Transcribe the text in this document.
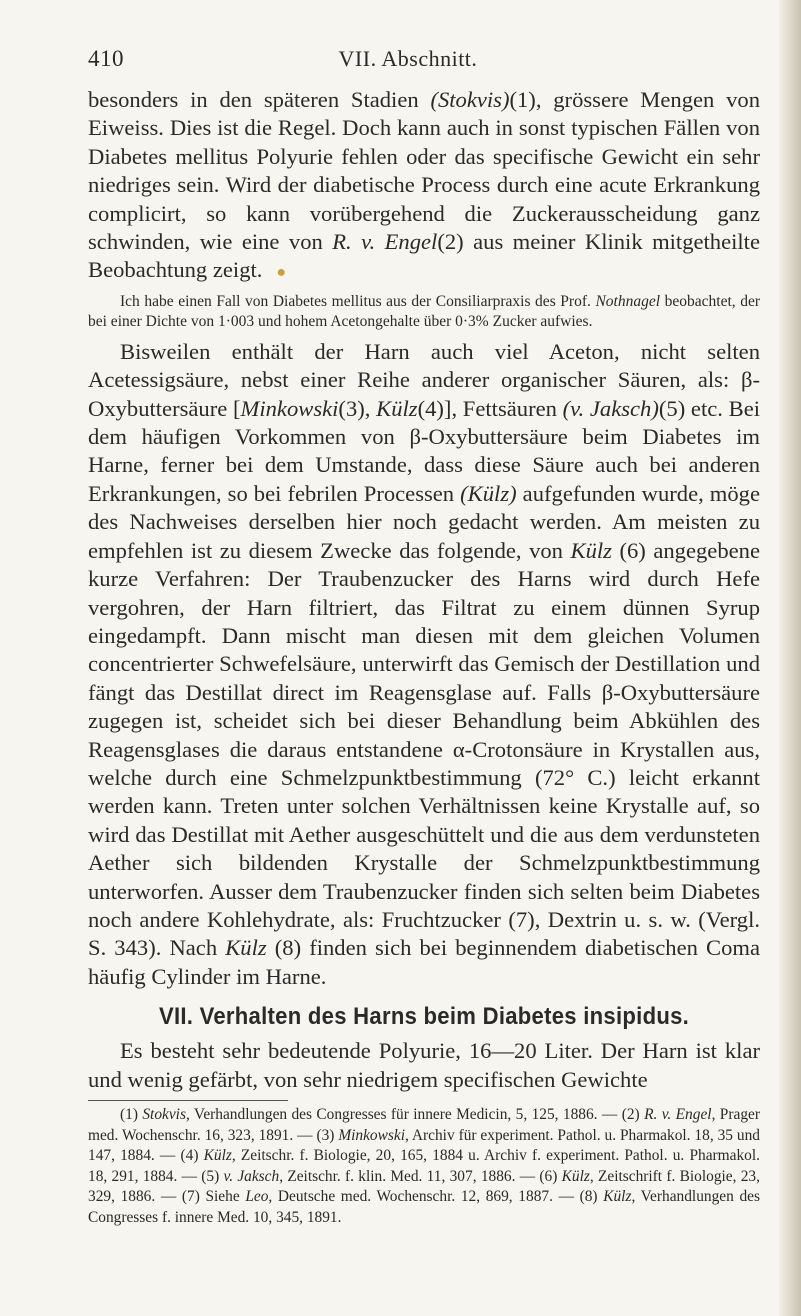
410	VII. Abschnitt.

besonders in den späteren Stadien (Stokvis)(1), grössere Mengen von Eiweiss. Dies ist die Regel. Doch kann auch in sonst typischen Fällen von Diabetes mellitus Polyurie fehlen oder das specifische Gewicht ein sehr niedriges sein. Wird der diabetische Process durch eine acute Erkrankung complicirt, so kann vorübergehend die Zuckerausscheidung ganz schwinden, wie eine von R. v. Engel(2) aus meiner Klinik mitgetheilte Beobachtung zeigt. ●

Ich habe einen Fall von Diabetes mellitus aus der Consiliarpraxis des Prof. Nothnagel beobachtet, der bei einer Dichte von 1·003 und hohem Acetongehalte über 0·3% Zucker aufwies.

Bisweilen enthält der Harn auch viel Aceton, nicht selten Acetessigsäure, nebst einer Reihe anderer organischer Säuren, als: β-Oxybuttersäure [Minkowski(3), Külz(4)], Fettsäuren (v. Jaksch)(5) etc. Bei dem häufigen Vorkommen von β-Oxybuttersäure beim Diabetes im Harne, ferner bei dem Umstande, dass diese Säure auch bei anderen Erkrankungen, so bei febrilen Processen (Külz) aufgefunden wurde, möge des Nachweises derselben hier noch gedacht werden. Am meisten zu empfehlen ist zu diesem Zwecke das folgende, von Külz (6) angegebene kurze Verfahren: Der Traubenzucker des Harns wird durch Hefe vergohren, der Harn filtriert, das Filtrat zu einem dünnen Syrup eingedampft. Dann mischt man diesen mit dem gleichen Volumen concentrierter Schwefelsäure, unterwirft das Gemisch der Destillation und fängt das Destillat direct im Reagensglase auf. Falls β-Oxybuttersäure zugegen ist, scheidet sich bei dieser Behandlung beim Abkühlen des Reagensglases die daraus entstandene α-Crotonsäure in Krystallen aus, welche durch eine Schmelzpunktbestimmung (72° C.) leicht erkannt werden kann. Treten unter solchen Verhältnissen keine Krystalle auf, so wird das Destillat mit Aether ausgeschüttelt und die aus dem verdunsteten Aether sich bildenden Krystalle der Schmelzpunktbestimmung unterworfen. Ausser dem Traubenzucker finden sich selten beim Diabetes noch andere Kohlehydrate, als: Fruchtzucker (7), Dextrin u. s. w. (Vergl. S. 343). Nach Külz (8) finden sich bei beginnendem diabetischen Coma häufig Cylinder im Harne.

VII. Verhalten des Harns beim Diabetes insipidus.

Es besteht sehr bedeutende Polyurie, 16—20 Liter. Der Harn ist klar und wenig gefärbt, von sehr niedrigem specifischen Gewichte

(1) Stokvis, Verhandlungen des Congresses für innere Medicin, 5, 125, 1886. — (2) R. v. Engel, Prager med. Wochenschr. 16, 323, 1891. — (3) Minkowski, Archiv für experiment. Pathol. u. Pharmakol. 18, 35 und 147, 1884. — (4) Külz, Zeitschr. f. Biologie, 20, 165, 1884 u. Archiv f. experiment. Pathol. u. Pharmakol. 18, 291, 1884. — (5) v. Jaksch, Zeitschr. f. klin. Med. 11, 307, 1886. — (6) Külz, Zeitschrift f. Biologie, 23, 329, 1886. — (7) Siehe Leo, Deutsche med. Wochenschr. 12, 869, 1887. — (8) Külz, Verhandlungen des Congresses f. innere Med. 10, 345, 1891.
